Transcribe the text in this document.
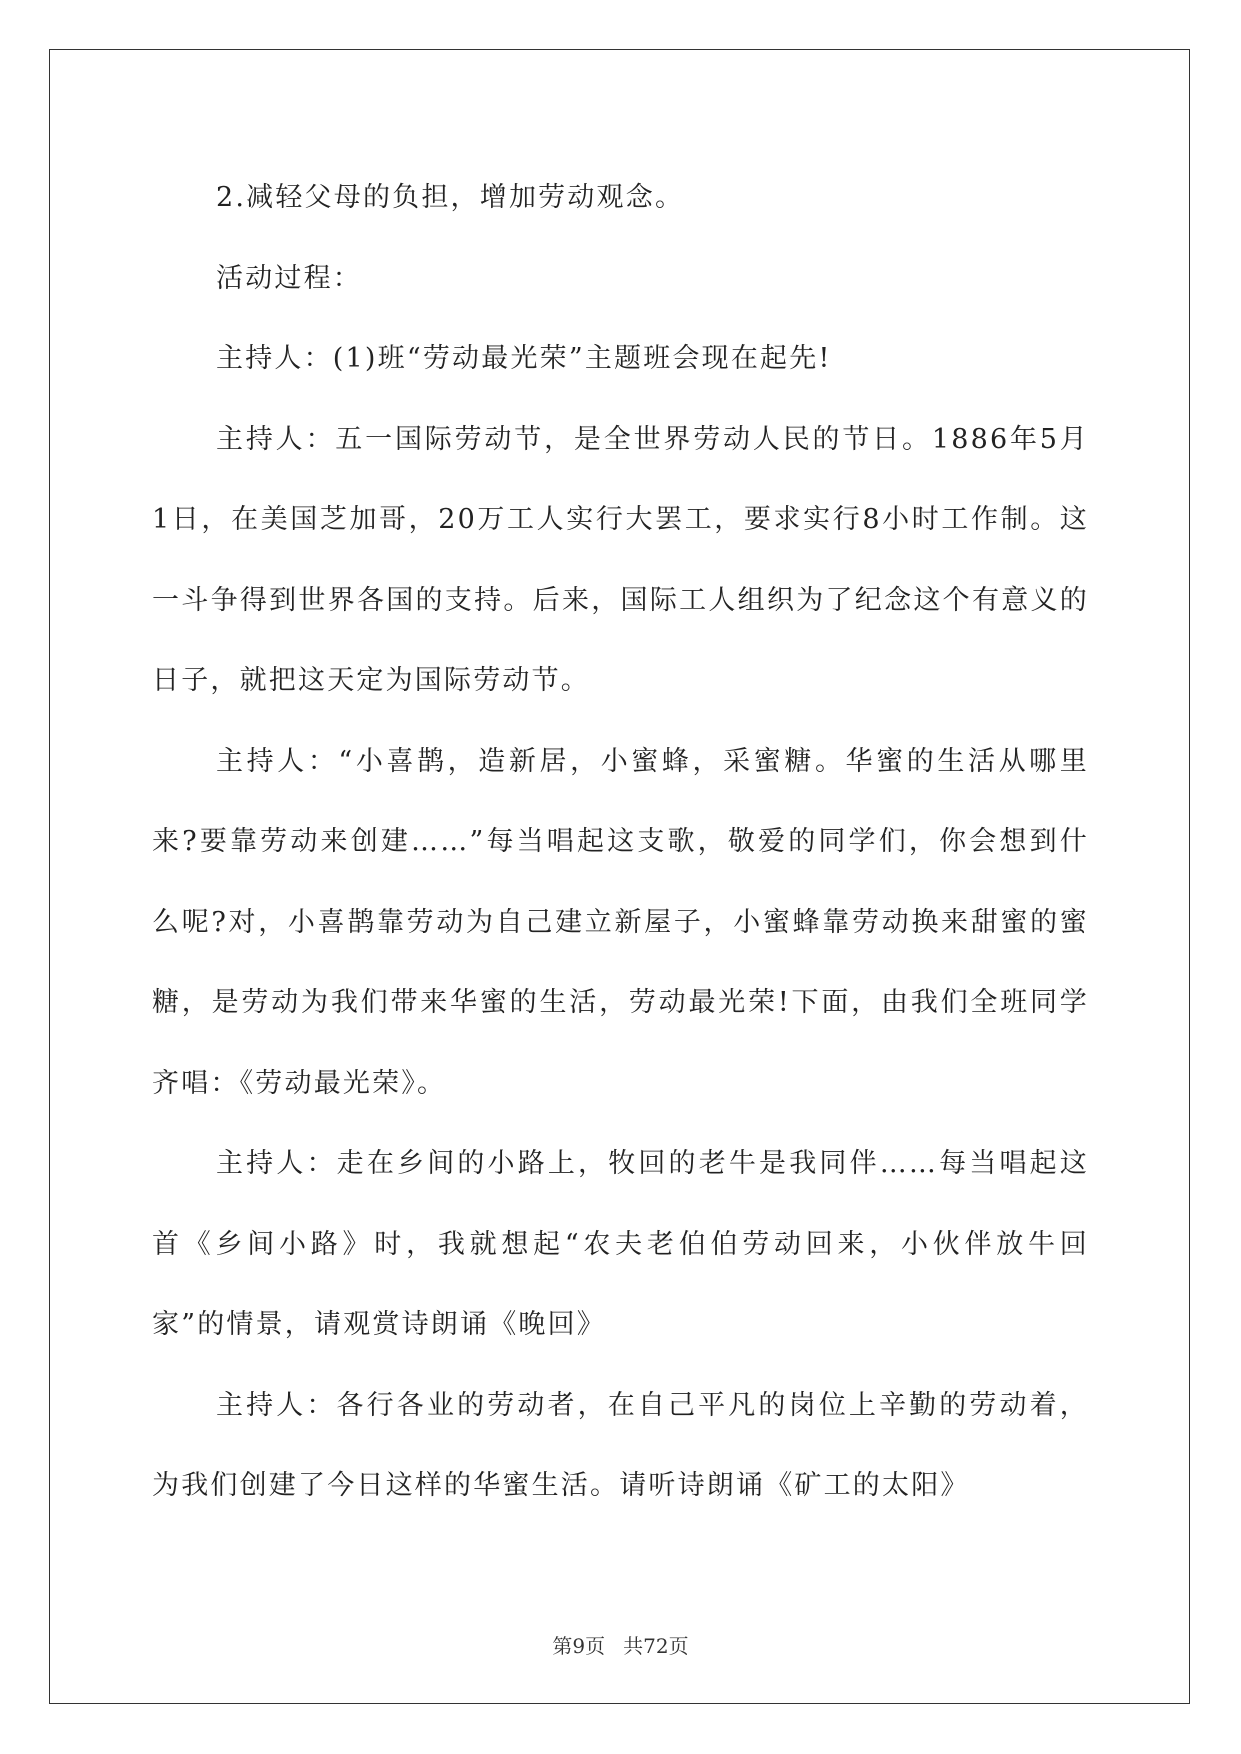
2.减轻父母的负担，增加劳动观念。

活动过程：

主持人：(1)班“劳动最光荣”主题班会现在起先!

主持人：五一国际劳动节，是全世界劳动人民的节日。1886年5月1日，在美国芝加哥，20万工人实行大罢工，要求实行8小时工作制。这一斗争得到世界各国的支持。后来，国际工人组织为了纪念这个有意义的日子，就把这天定为国际劳动节。

主持人：“小喜鹊，造新居，小蜜蜂，采蜜糖。华蜜的生活从哪里来?要靠劳动来创建……”每当唱起这支歌，敬爱的同学们，你会想到什么呢?对，小喜鹊靠劳动为自己建立新屋子，小蜜蜂靠劳动换来甜蜜的蜜糖，是劳动为我们带来华蜜的生活，劳动最光荣!下面，由我们全班同学齐唱：《劳动最光荣》。

主持人：走在乡间的小路上，牧回的老牛是我同伴……每当唱起这首《乡间小路》时，我就想起“农夫老伯伯劳动回来，小伙伴放牛回家”的情景，请观赏诗朗诵《晚回》

主持人：各行各业的劳动者，在自己平凡的岗位上辛勤的劳动着，为我们创建了今日这样的华蜜生活。请听诗朗诵《矿工的太阳》

第9页 共72页
